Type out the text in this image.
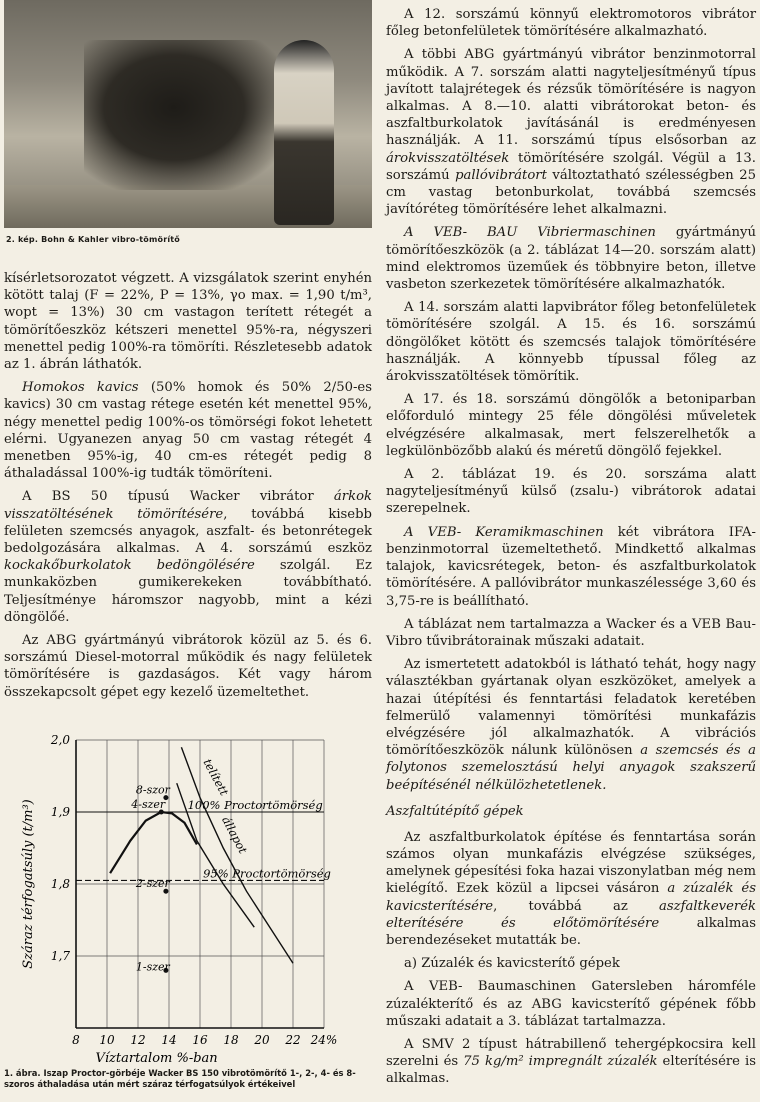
2. kép. Bohn & Kahler vibro-tömörítő

kísérletsorozatot végzett. A vizsgálatok szerint enyhén kötött talaj (F = 22%, P = 13%, γo max. = 1,90 t/m³, wopt = 13%) 30 cm vastagon terített rétegét a tömörítőeszköz kétszeri menettel 95%-ra, négyszeri menettel pedig 100%-ra tömöríti. Részletesebb adatok az 1. ábrán láthatók.

Homokos kavics (50% homok és 50% 2/50-es kavics) 30 cm vastag rétege esetén két menettel 95%, négy menettel pedig 100%-os tömörségi fokot lehetett elérni. Ugyanezen anyag 50 cm vastag rétegét 4 menetben 95%-ig, 40 cm-es rétegét pedig 8 áthaladással 100%-ig tudták tömöríteni.

A BS 50 típusú Wacker vibrátor árkok visszatöltésének tömörítésére, továbbá kisebb felületen szemcsés anyagok, aszfalt- és betonrétegek bedolgozására alkalmas. A 4. sorszámú eszköz kockakőburkolatok bedöngölésére szolgál. Ez munkaközben gumikerekeken továbbítható. Teljesítménye háromszor nagyobb, mint a kézi döngölőé.

Az ABG gyártmányú vibrátorok közül az 5. és 6. sorszámú Diesel-motorral működik és nagy felületek tömörítésére is gazdaságos. Két vagy három összekapcsolt gépet egy kezelő üzemeltethet.

8 10 12 14 16 18 20 22 24%
1,7
1,8
1,9
2,0
Víztartalom %-ban
Száraz térfogatsúly (t/m³)	100% Proctortömörség
95% Proctortömörség
8-szor
4-szer
2-szer
1-szer
telített
állapot
1. ábra. Iszap Proctor-görbéje Wacker BS 150 vibrotömörítő 1-, 2-, 4- és 8-szoros áthaladása után mért száraz térfogatsúlyok értékeivel

A 12. sorszámú könnyű elektromotoros vibrátor főleg betonfelületek tömörítésére alkalmazható.

A többi ABG gyártmányú vibrátor benzinmotorral működik. A 7. sorszám alatti nagyteljesítményű típus javított talajrétegek és rézsűk tömörítésére is nagyon alkalmas. A 8.—10. alatti vibrátorokat beton- és aszfaltburkolatok javításánál is eredményesen használják. A 11. sorszámú típus elsősorban az árokvisszatöltések tömörítésére szolgál. Végül a 13. sorszámú pallóvibrátort változtatható szélességben 25 cm vastag betonburkolat, továbbá szemcsés javítóréteg tömörítésére lehet alkalmazni.

A VEB- BAU Vibriermaschinen gyártmányú tömörítőeszközök (a 2. táblázat 14—20. sorszám alatt) mind elektromos üzeműek és többnyire beton, illetve vasbeton szerkezetek tömörítésére alkalmazhatók.

A 14. sorszám alatti lapvibrátor főleg betonfelületek tömörítésére szolgál. A 15. és 16. sorszámú döngölőket kötött és szemcsés talajok tömörítésére használják. A könnyebb típussal főleg az árokvisszatöltések tömörítik.

A 17. és 18. sorszámú döngölők a betoniparban előforduló mintegy 25 féle döngölési műveletek elvégzésére alkalmasak, mert felszerelhetők a legkülönbözőbb alakú és méretű döngölő fejekkel.

A 2. táblázat 19. és 20. sorszáma alatt nagyteljesítményű külső (zsalu-) vibrátorok adatai szerepelnek.

A VEB- Keramikmaschinen két vibrátora IFA-benzinmotorral üzemeltethető. Mindkettő alkalmas talajok, kavicsrétegek, beton- és aszfaltburkolatok tömörítésére. A pallóvibrátor munkaszélessége 3,60 és 3,75-re is beállítható.

A táblázat nem tartalmazza a Wacker és a VEB Bau-Vibro tűvibrátorainak műszaki adatait.

Az ismertetett adatokból is látható tehát, hogy nagy választékban gyártanak olyan eszközöket, amelyek a hazai útépítési és fenntartási feladatok keretében felmerülő valamennyi tömörítési munkafázis elvégzésére jól alkalmazhatók. A vibrációs tömörítőeszközök nálunk különösen a szemcsés és a folytonos szemelosztású helyi anyagok szakszerű beépítésénél nélkülözhetetlenek.

Aszfaltútépítő gépek

Az aszfaltburkolatok építése és fenntartása során számos olyan munkafázis elvégzése szükséges, amelynek gépesítési foka hazai viszonylatban még nem kielégítő. Ezek közül a lipcsei vásáron a zúzalék és kavicsterítésére, továbbá az aszfaltkeverék elterítésére és előtömörítésére alkalmas berendezéseket mutatták be.

a) Zúzalék és kavicsterítő gépek

A VEB- Baumaschinen Gatersleben háromféle zúzalékterítő és az ABG kavicsterítő gépének főbb műszaki adatait a 3. táblázat tartalmazza.

A SMV 2 típust hátrabillenő tehergépkocsira kell szerelni és 75 kg/m² impregnált zúzalék elterítésére is alkalmas.
